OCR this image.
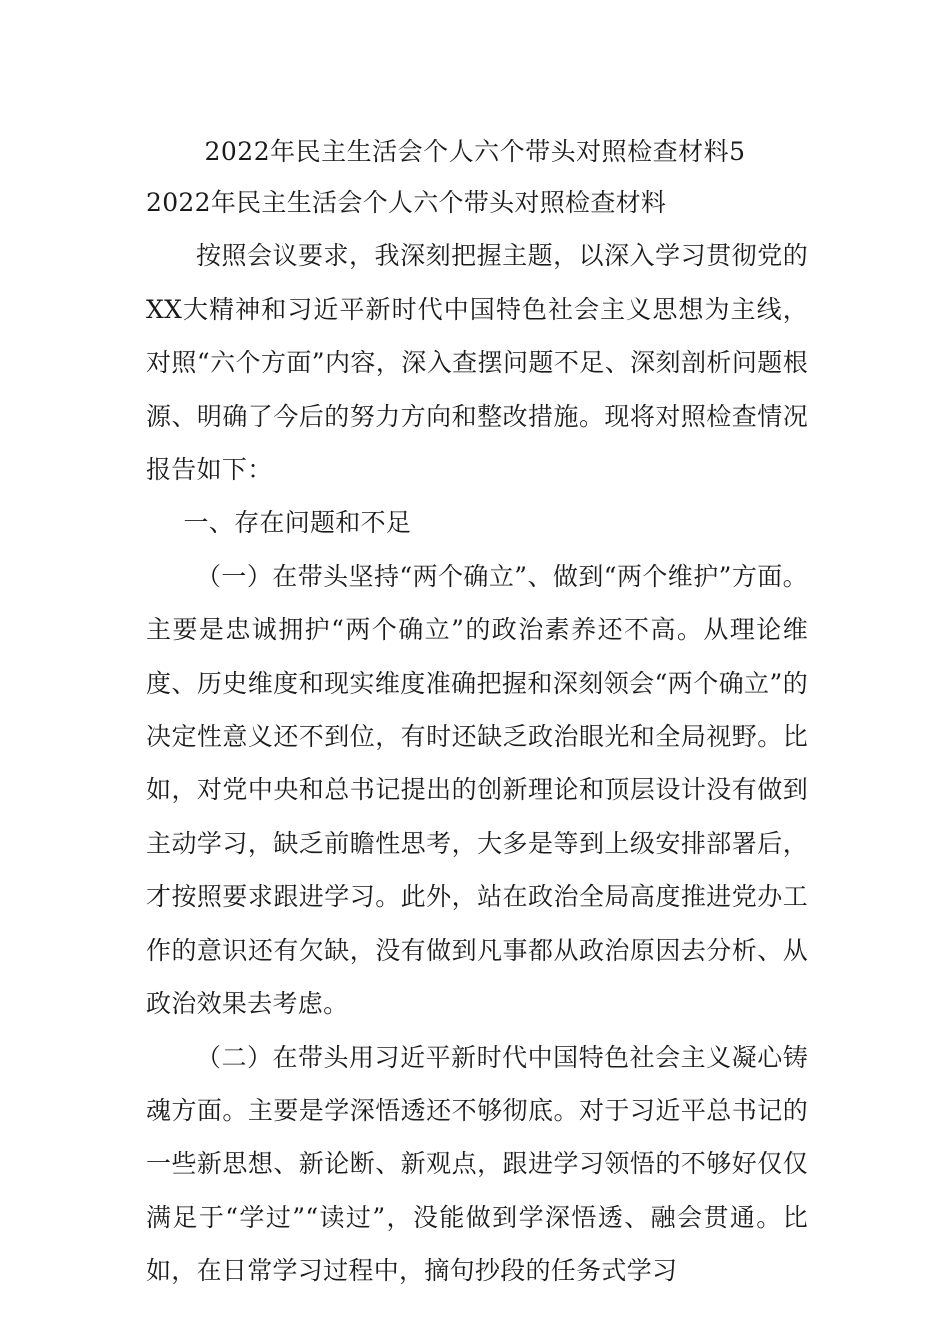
2022年民主生活会个人六个带头对照检查材料5

2022年民主生活会个人六个带头对照检查材料

按照会议要求，我深刻把握主题，以深入学习贯彻党的XX大精神和习近平新时代中国特色社会主义思想为主线，对照“六个方面”内容，深入查摆问题不足、深刻剖析问题根源、明确了今后的努力方向和整改措施。现将对照检查情况报告如下：

一、存在问题和不足

（一）在带头坚持“两个确立”、做到“两个维护”方面。主要是忠诚拥护“两个确立”的政治素养还不高。从理论维度、历史维度和现实维度准确把握和深刻领会“两个确立”的决定性意义还不到位，有时还缺乏政治眼光和全局视野。比如，对党中央和总书记提出的创新理论和顶层设计没有做到主动学习，缺乏前瞻性思考，大多是等到上级安排部署后，才按照要求跟进学习。此外，站在政治全局高度推进党办工作的意识还有欠缺，没有做到凡事都从政治原因去分析、从政治效果去考虑。

（二）在带头用习近平新时代中国特色社会主义凝心铸魂方面。主要是学深悟透还不够彻底。对于习近平总书记的一些新思想、新论断、新观点，跟进学习领悟的不够好仅仅满足于“学过”“读过”，没能做到学深悟透、融会贯通。比如，在日常学习过程中，摘句抄段的任务式学习
